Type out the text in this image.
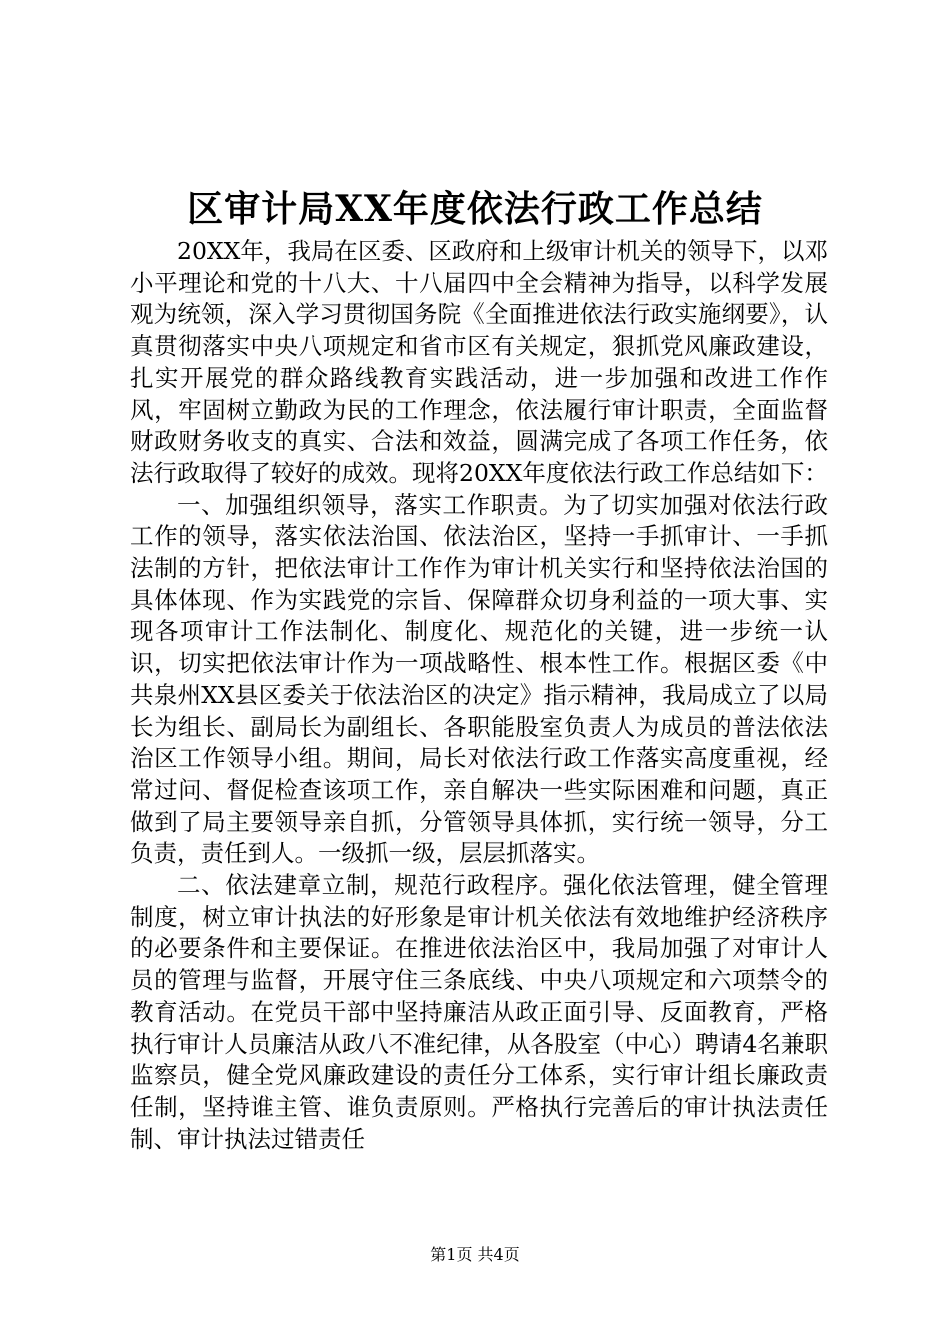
区审计局XX年度依法行政工作总结

20XX年，我局在区委、区政府和上级审计机关的领导下，以邓小平理论和党的十八大、十八届四中全会精神为指导，以科学发展观为统领，深入学习贯彻国务院《全面推进依法行政实施纲要》，认真贯彻落实中央八项规定和省市区有关规定，狠抓党风廉政建设，扎实开展党的群众路线教育实践活动，进一步加强和改进工作作风，牢固树立勤政为民的工作理念，依法履行审计职责，全面监督财政财务收支的真实、合法和效益，圆满完成了各项工作任务，依法行政取得了较好的成效。现将20XX年度依法行政工作总结如下：

一、加强组织领导，落实工作职责。为了切实加强对依法行政工作的领导，落实依法治国、依法治区，坚持一手抓审计、一手抓法制的方针，把依法审计工作作为审计机关实行和坚持依法治国的具体体现、作为实践党的宗旨、保障群众切身利益的一项大事、实现各项审计工作法制化、制度化、规范化的关键，进一步统一认识，切实把依法审计作为一项战略性、根本性工作。根据区委《中共泉州XX县区委关于依法治区的决定》指示精神，我局成立了以局长为组长、副局长为副组长、各职能股室负责人为成员的普法依法治区工作领导小组。期间，局长对依法行政工作落实高度重视，经常过问、督促检查该项工作，亲自解决一些实际困难和问题，真正做到了局主要领导亲自抓，分管领导具体抓，实行统一领导，分工负责，责任到人。一级抓一级，层层抓落实。

二、依法建章立制，规范行政程序。强化依法管理，健全管理制度，树立审计执法的好形象是审计机关依法有效地维护经济秩序的必要条件和主要保证。在推进依法治区中，我局加强了对审计人员的管理与监督，开展守住三条底线、中央八项规定和六项禁令的教育活动。在党员干部中坚持廉洁从政正面引导、反面教育，严格执行审计人员廉洁从政八不准纪律，从各股室（中心）聘请4名兼职监察员，健全党风廉政建设的责任分工体系，实行审计组长廉政责任制，坚持谁主管、谁负责原则。严格执行完善后的审计执法责任制、审计执法过错责任

第1页 共4页
